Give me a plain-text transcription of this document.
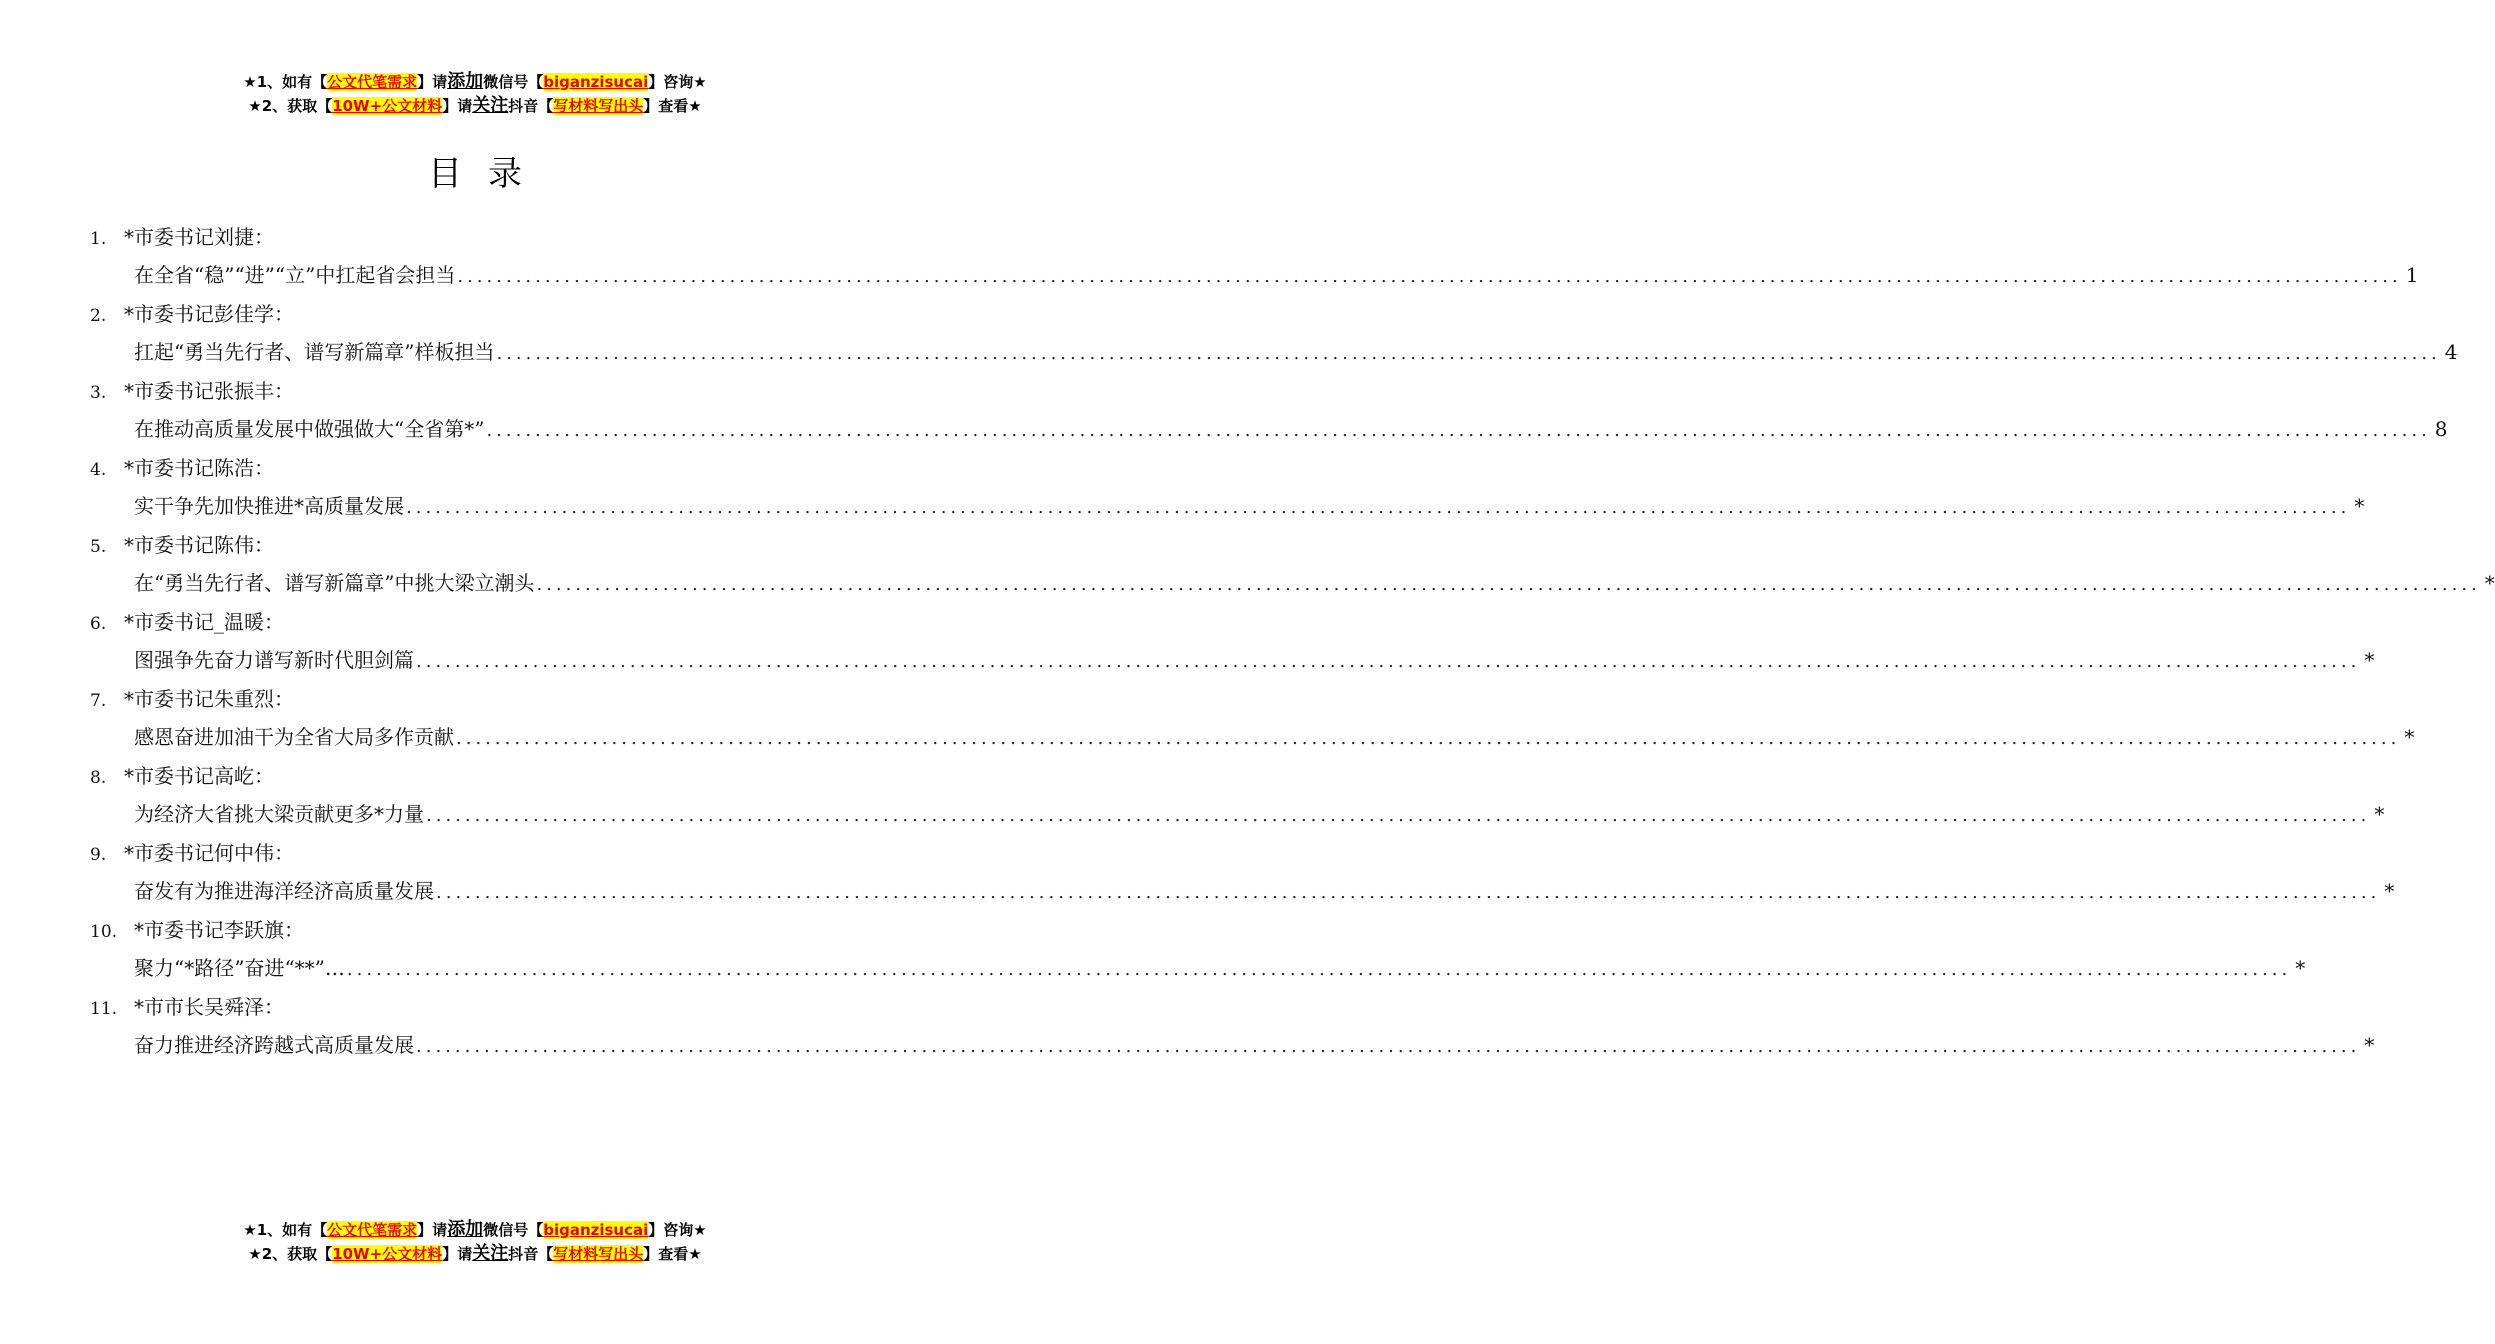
★1、如有【公文代笔需求】请添加微信号【biganzisucai】咨询★
★2、获取【10W+公文材料】请关注抖音【写材料写出头】查看★
目录
1. *市委书记刘捷：
在全省“稳”“进”“立”中扛起省会担当 ........................................................................................................................................................................................................ 1
2. *市委书记彭佳学：
扛起“勇当先行者、谱写新篇章”样板担当 ........................................................................................................................................................................................................ 4
3. *市委书记张振丰：
在推动高质量发展中做强做大“全省第*” ........................................................................................................................................................................................................ 8
4. *市委书记陈浩：
实干争先加快推进*高质量发展 ........................................................................................................................................................................................................ *
5. *市委书记陈伟：
在“勇当先行者、谱写新篇章”中挑大梁立潮头 ........................................................................................................................................................................................................ *
6. *市委书记_温暖：
图强争先奋力谱写新时代胆剑篇 ........................................................................................................................................................................................................ *
7. *市委书记朱重烈：
感恩奋进加油干为全省大局多作贡献 ........................................................................................................................................................................................................ *
8. *市委书记高屹：
为经济大省挑大梁贡献更多*力量 ........................................................................................................................................................................................................ *
9. *市委书记何中伟：
奋发有为推进海洋经济高质量发展 ........................................................................................................................................................................................................ *
10. *市委书记李跃旗：
聚力“*路径”奋进“**”… ........................................................................................................................................................................................................ *
11. *市市长吴舜泽：
奋力推进经济跨越式高质量发展 ........................................................................................................................................................................................................ *
★1、如有【公文代笔需求】请添加微信号【biganzisucai】咨询★
★2、获取【10W+公文材料】请关注抖音【写材料写出头】查看★
